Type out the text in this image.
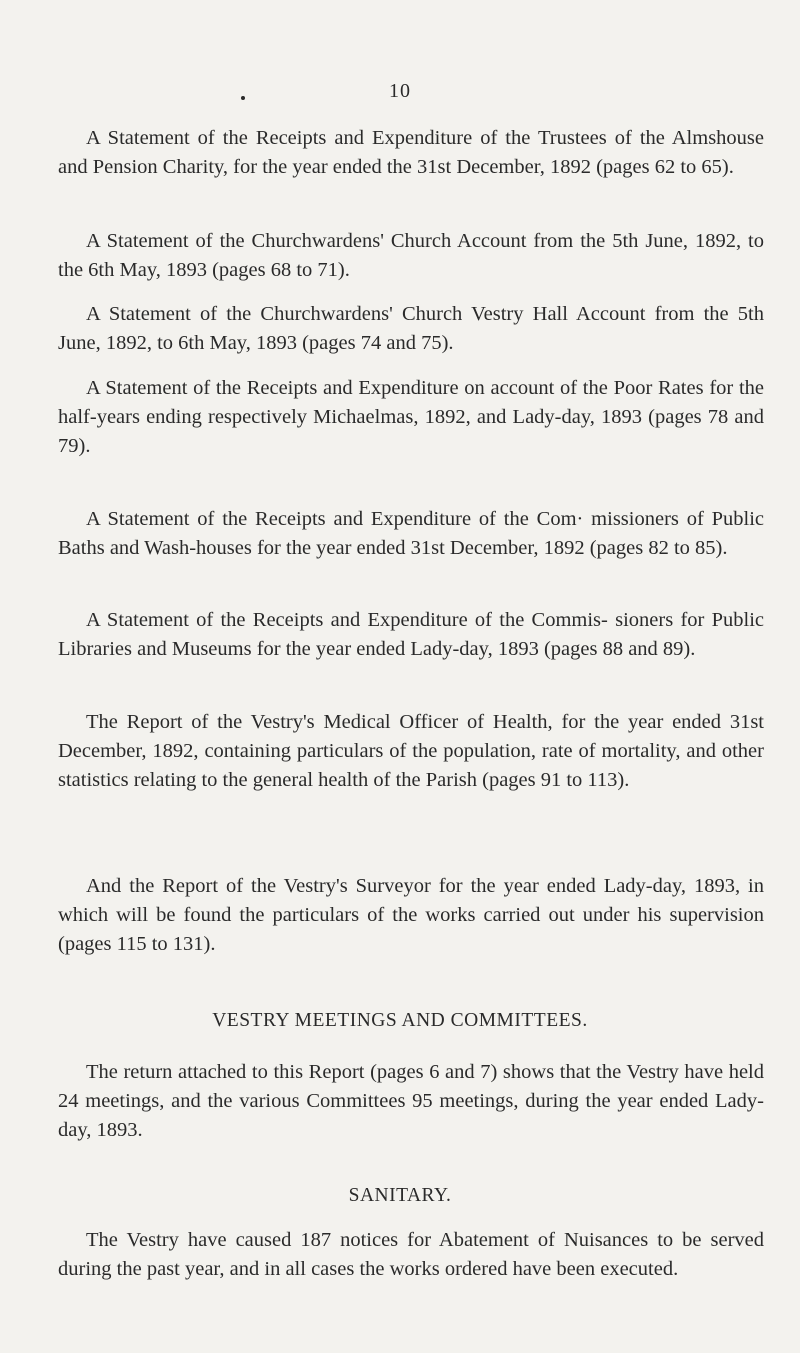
10

A Statement of the Receipts and Expenditure of the Trustees of the Almshouse and Pension Charity, for the year ended the 31st December, 1892 (pages 62 to 65).

A Statement of the Churchwardens' Church Account from the 5th June, 1892, to the 6th May, 1893 (pages 68 to 71).

A Statement of the Churchwardens' Church Vestry Hall Account from the 5th June, 1892, to 6th May, 1893 (pages 74 and 75).

A Statement of the Receipts and Expenditure on account of the Poor Rates for the half-years ending respectively Michaelmas, 1892, and Lady-day, 1893 (pages 78 and 79).

A Statement of the Receipts and Expenditure of the Com· missioners of Public Baths and Wash-houses for the year ended 31st December, 1892 (pages 82 to 85).

A Statement of the Receipts and Expenditure of the Commis- sioners for Public Libraries and Museums for the year ended Lady-day, 1893 (pages 88 and 89).

The Report of the Vestry's Medical Officer of Health, for the year ended 31st December, 1892, containing particulars of the population, rate of mortality, and other statistics relating to the general health of the Parish (pages 91 to 113).

And the Report of the Vestry's Surveyor for the year ended Lady-day, 1893, in which will be found the particulars of the works carried out under his supervision (pages 115 to 131).

VESTRY MEETINGS AND COMMITTEES.

The return attached to this Report (pages 6 and 7) shows that the Vestry have held 24 meetings, and the various Committees 95 meetings, during the year ended Lady-day, 1893.

SANITARY.

The Vestry have caused 187 notices for Abatement of Nuisances to be served during the past year, and in all cases the works ordered have been executed.
